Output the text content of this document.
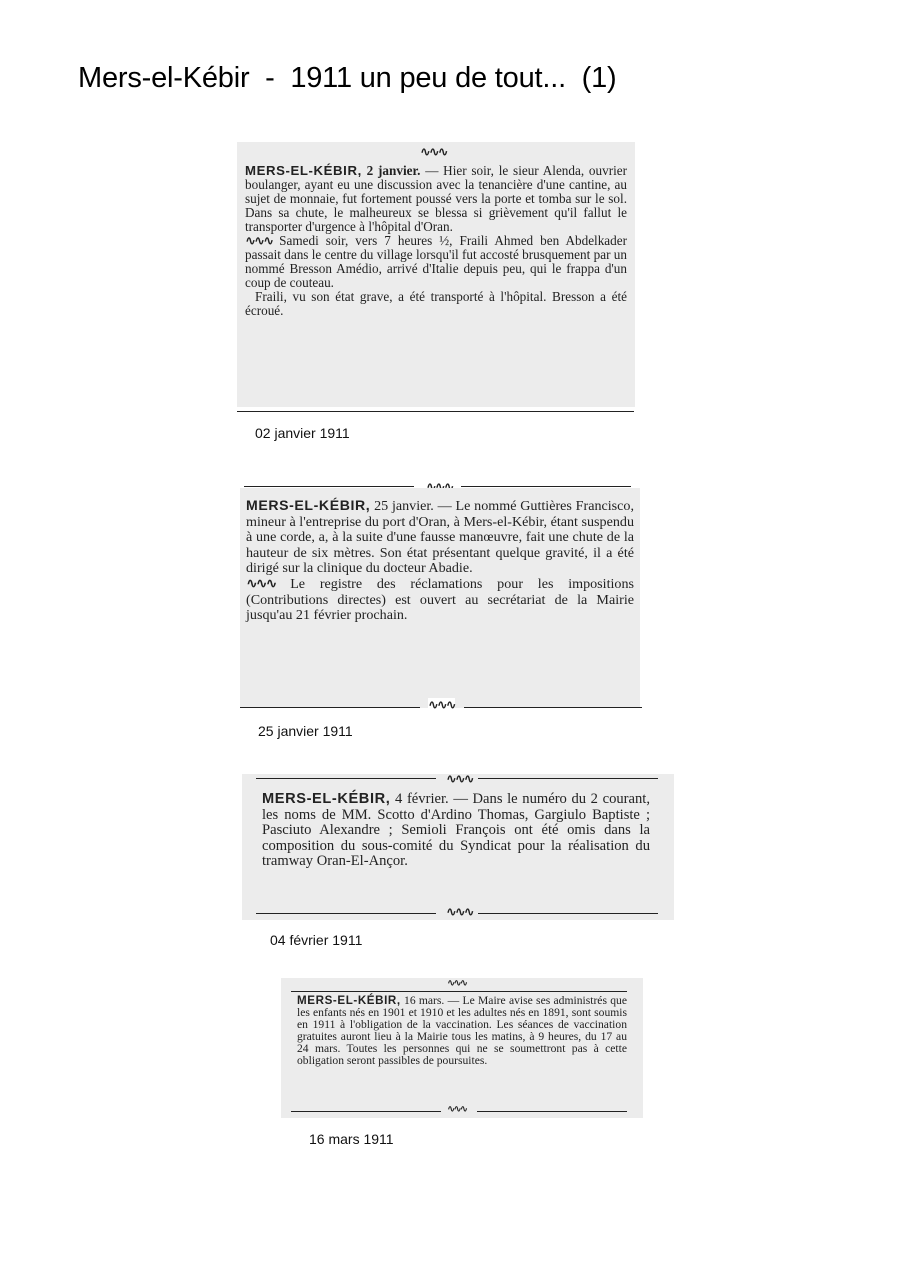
Mers-el-Kébir  -  1911 un peu de tout...  (1)
∿∿∿

MERS-EL-KÉBIR, 2 janvier. — Hier soir, le sieur Alenda, ouvrier boulanger, ayant eu une discussion avec la tenancière d'une cantine, au sujet de monnaie, fut fortement poussé vers la porte et tomba sur le sol. Dans sa chute, le malheureux se blessa si grièvement qu'il fallut le transporter d'urgence à l'hôpital d'Oran.

∿∿∿ Samedi soir, vers 7 heures ½, Fraili Ahmed ben Abdelkader passait dans le centre du village lorsqu'il fut accosté brusquement par un nommé Bresson Amédio, arrivé d'Italie depuis peu, qui le frappa d'un coup de couteau.

Fraili, vu son état grave, a été transporté à l'hôpital. Bresson a été écroué.

02 janvier 1911

MERS-EL-KÉBIR, 25 janvier. — Le nommé Guttières Francisco, mineur à l'entreprise du port d'Oran, à Mers-el-Kébir, étant suspendu à une corde, a, à la suite d'une fausse manœuvre, fait une chute de la hauteur de six mètres. Son état présentant quelque gravité, il a été dirigé sur la clinique du docteur Abadie.

∿∿∿ Le registre des réclamations pour les impositions (Contributions directes) est ouvert au secrétariat de la Mairie jusqu'au 21 février prochain.

∿∿∿
25 janvier 1911
∿∿∿

MERS-EL-KÉBIR, 4 février. — Dans le numéro du 2 courant, les noms de MM. Scotto d'Ardino Thomas, Gargiulo Baptiste ; Pasciuto Alexandre ; Semioli François ont été omis dans la composition du sous-comité du Syndicat pour la réalisation du tramway Oran-El-Ançor.

∿∿∿
04 février 1911
∿∿∿

MERS-EL-KÉBIR, 16 mars. — Le Maire avise ses administrés que les enfants nés en 1901 et 1910 et les adultes nés en 1891, sont soumis en 1911 à l'obligation de la vaccination. Les séances de vaccination gratuites auront lieu à la Mairie tous les matins, à 9 heures, du 17 au 24 mars. Toutes les personnes qui ne se soumettront pas à cette obligation seront passibles de poursuites.

∿∿∿
16 mars 1911
